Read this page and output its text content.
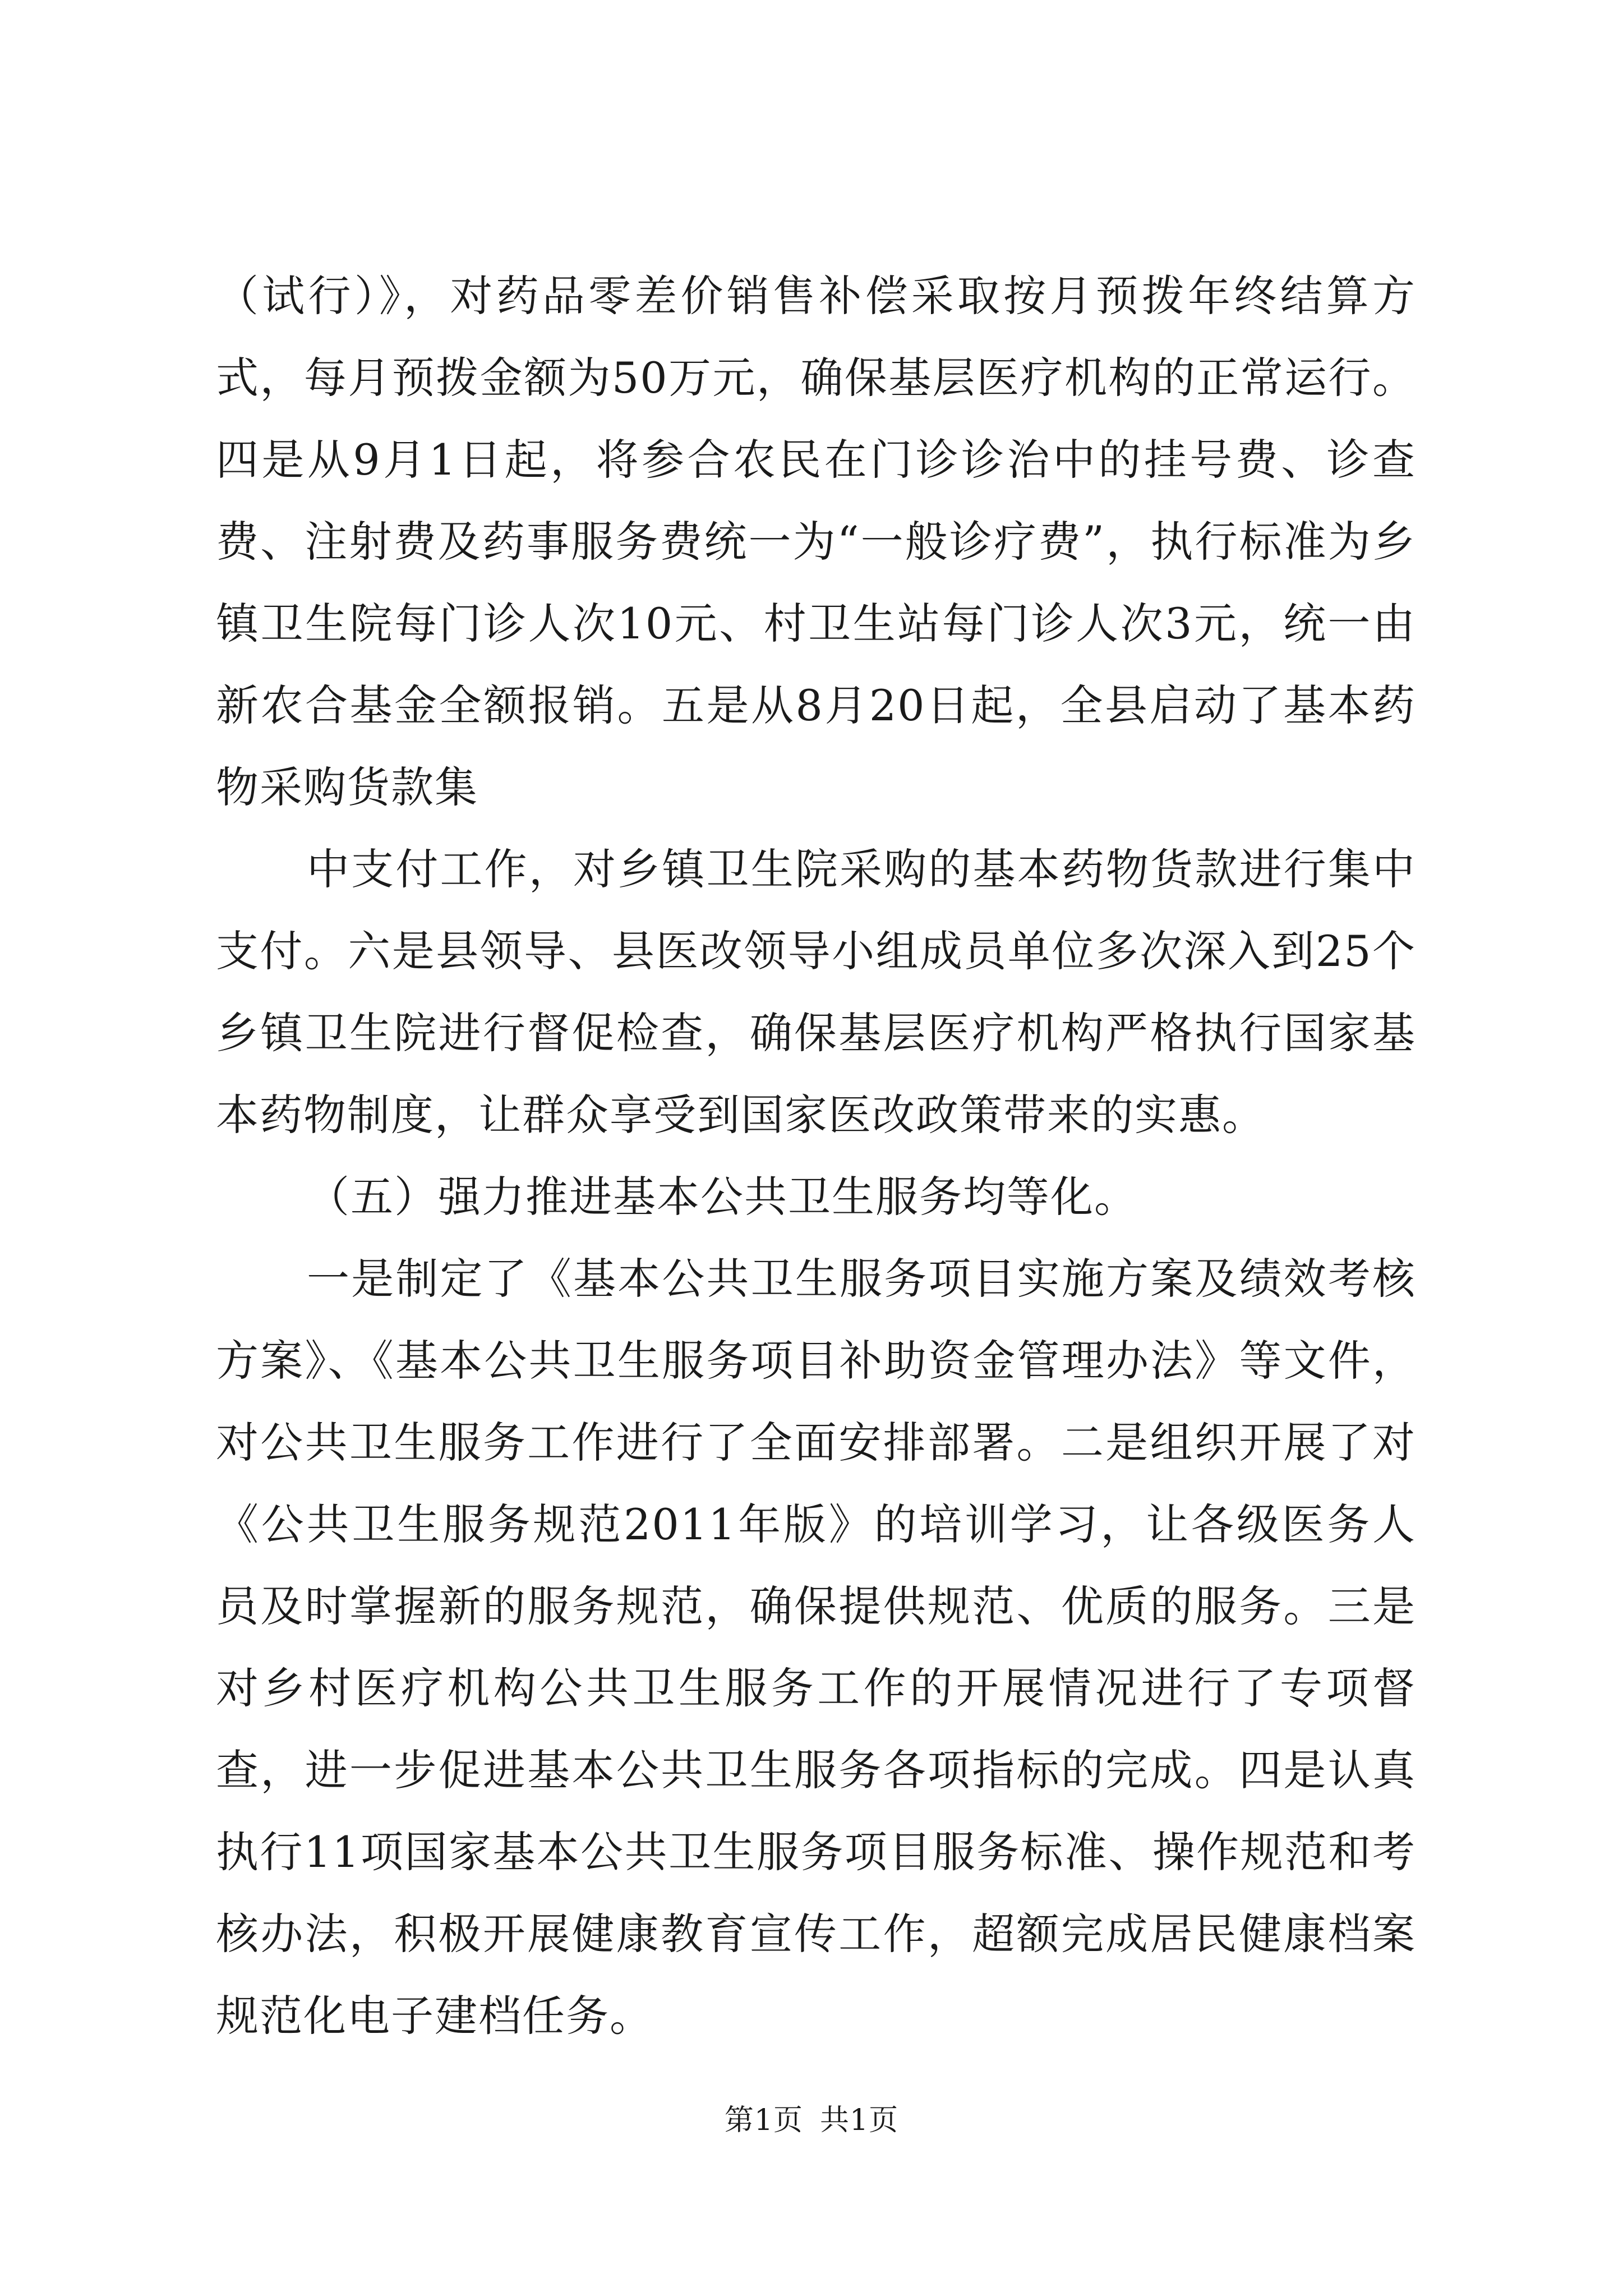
（试行）》，对药品零差价销售补偿采取按月预拨年终结算方式，每月预拨金额为50万元，确保基层医疗机构的正常运行。四是从9月1日起，将参合农民在门诊诊治中的挂号费、诊查费、注射费及药事服务费统一为“一般诊疗费”，执行标准为乡镇卫生院每门诊人次10元、村卫生站每门诊人次3元，统一由新农合基金全额报销。五是从8月20日起，全县启动了基本药物采购货款集

中支付工作，对乡镇卫生院采购的基本药物货款进行集中支付。六是县领导、县医改领导小组成员单位多次深入到25个乡镇卫生院进行督促检查，确保基层医疗机构严格执行国家基本药物制度，让群众享受到国家医改政策带来的实惠。

（五）强力推进基本公共卫生服务均等化。

一是制定了《基本公共卫生服务项目实施方案及绩效考核方案》、《基本公共卫生服务项目补助资金管理办法》等文件，对公共卫生服务工作进行了全面安排部署。二是组织开展了对《公共卫生服务规范2011年版》的培训学习，让各级医务人员及时掌握新的服务规范，确保提供规范、优质的服务。三是对乡村医疗机构公共卫生服务工作的开展情况进行了专项督查，进一步促进基本公共卫生服务各项指标的完成。四是认真执行11项国家基本公共卫生服务项目服务标准、操作规范和考核办法，积极开展健康教育宣传工作，超额完成居民健康档案规范化电子建档任务。

第1页 共1页
